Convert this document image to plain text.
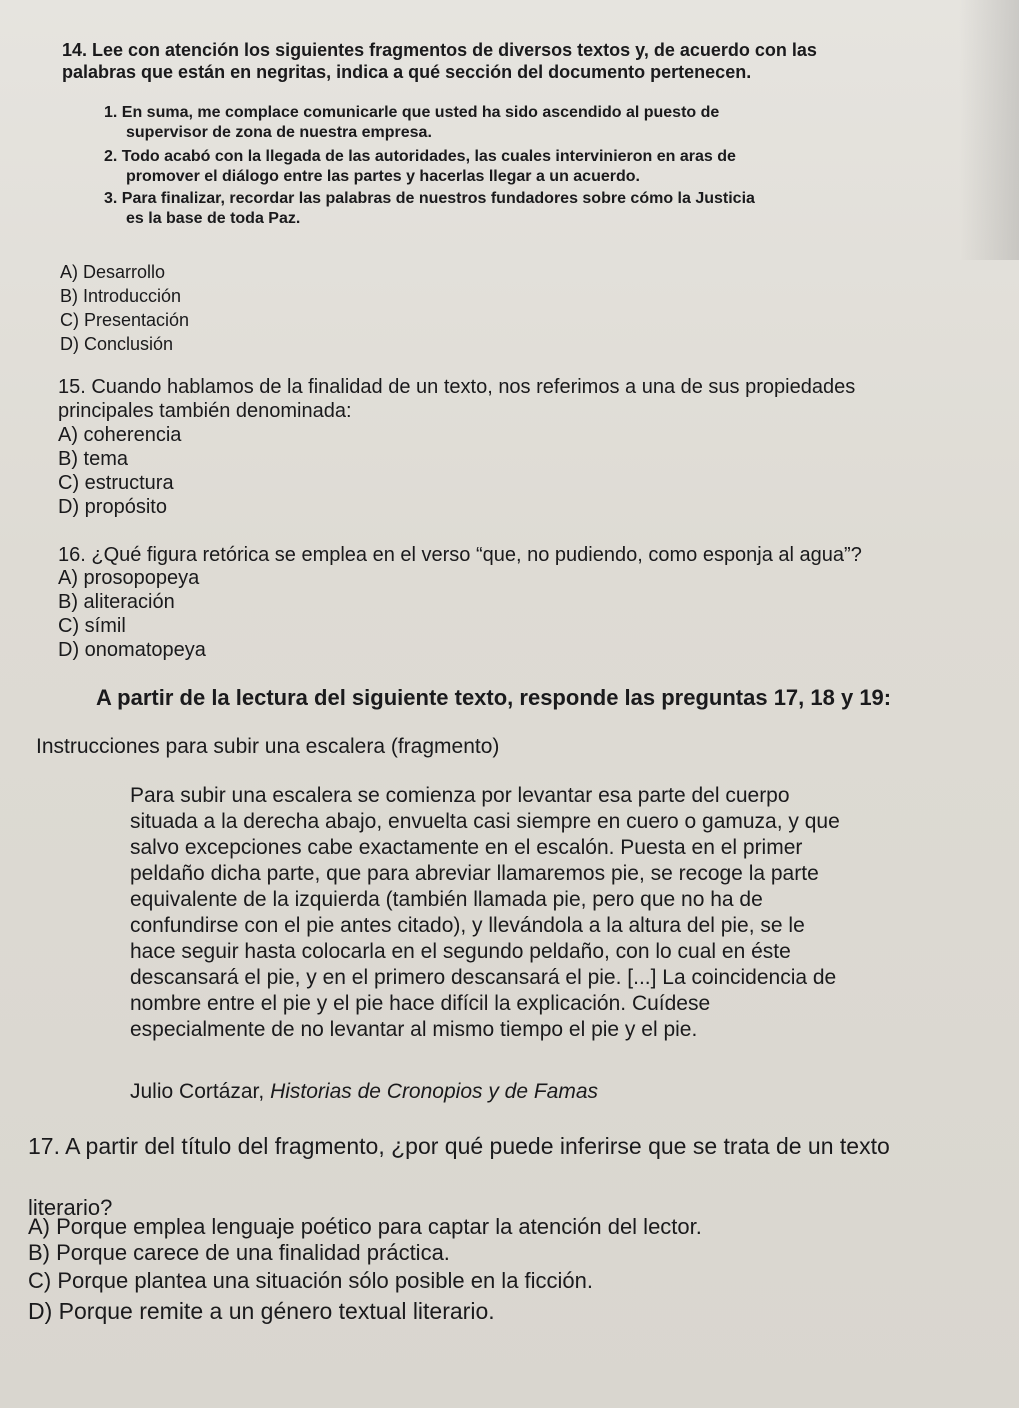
14. Lee con atención los siguientes fragmentos de diversos textos y, de acuerdo con las
palabras que están en negritas, indica a qué sección del documento pertenecen.
1. En suma, me complace comunicarle que usted ha sido ascendido al puesto de
supervisor de zona de nuestra empresa.
2. Todo acabó con la llegada de las autoridades, las cuales intervinieron en aras de
promover el diálogo entre las partes y hacerlas llegar a un acuerdo.
3. Para finalizar, recordar las palabras de nuestros fundadores sobre cómo la Justicia
es la base de toda Paz.
A) Desarrollo
B) Introducción
C) Presentación
D) Conclusión
15. Cuando hablamos de la finalidad de un texto, nos referimos a una de sus propiedades
principales también denominada:
A) coherencia
B) tema
C) estructura
D) propósito
16. ¿Qué figura retórica se emplea en el verso “que, no pudiendo, como esponja al agua”?
A) prosopopeya
B) aliteración
C) símil
D) onomatopeya
A partir de la lectura del siguiente texto, responde las preguntas 17, 18 y 19:
Instrucciones para subir una escalera (fragmento)
Para subir una escalera se comienza por levantar esa parte del cuerpo
situada a la derecha abajo, envuelta casi siempre en cuero o gamuza, y que
salvo excepciones cabe exactamente en el escalón. Puesta en el primer
peldaño dicha parte, que para abreviar llamaremos pie, se recoge la parte
equivalente de la izquierda (también llamada pie, pero que no ha de
confundirse con el pie antes citado), y llevándola a la altura del pie, se le
hace seguir hasta colocarla en el segundo peldaño, con lo cual en éste
descansará el pie, y en el primero descansará el pie. [...] La coincidencia de
nombre entre el pie y el pie hace difícil la explicación. Cuídese
especialmente de no levantar al mismo tiempo el pie y el pie.
Julio Cortázar, Historias de Cronopios y de Famas
17. A partir del título del fragmento, ¿por qué puede inferirse que se trata de un texto
literario?
A) Porque emplea lenguaje poético para captar la atención del lector.
B) Porque carece de una finalidad práctica.
C) Porque plantea una situación sólo posible en la ficción.
D) Porque remite a un género textual literario.
